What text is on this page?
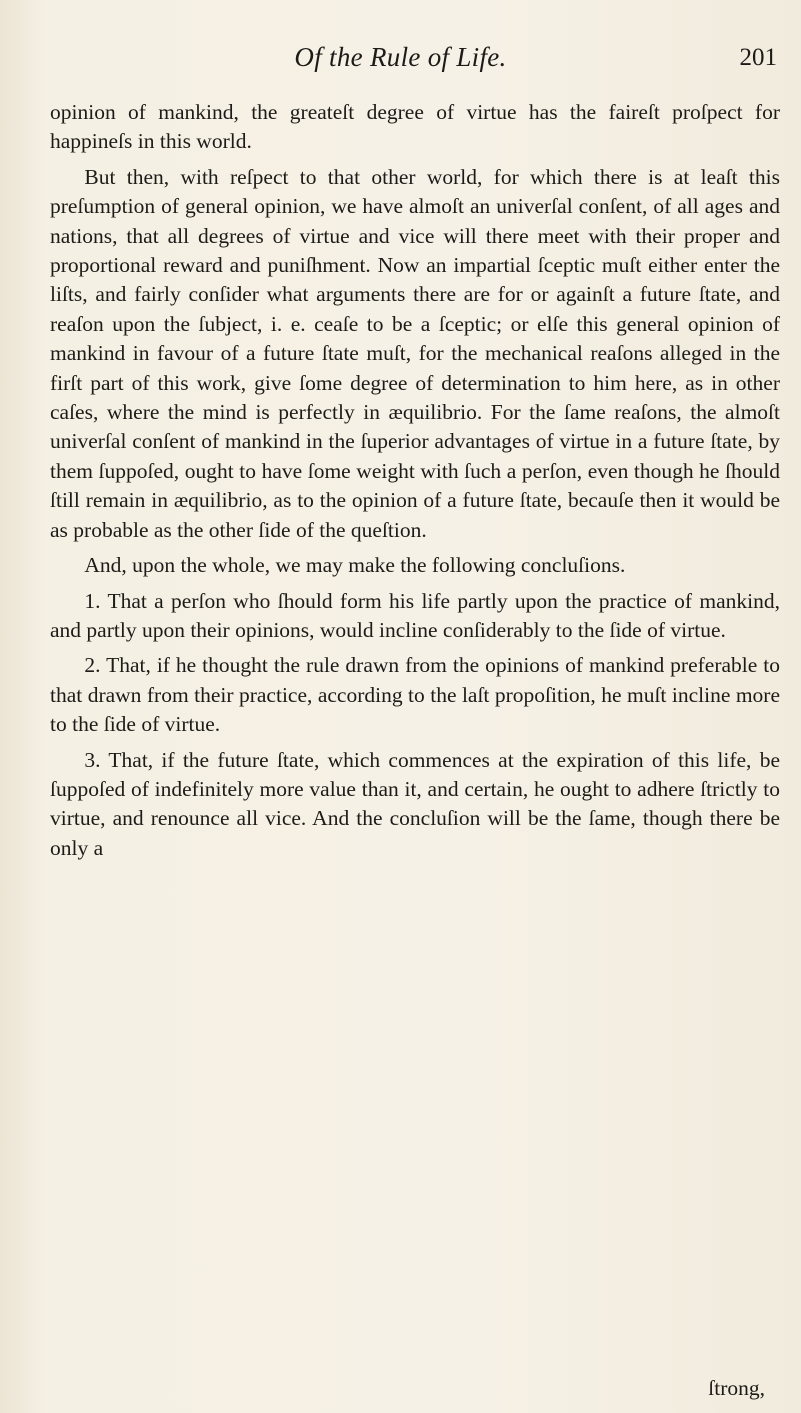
Of the Rule of Life.	201

opinion of mankind, the greateſt degree of virtue has the faireſt proſpect for happineſs in this world.

But then, with reſpect to that other world, for which there is at leaſt this preſumption of general opinion, we have almoſt an univerſal conſent, of all ages and nations, that all degrees of virtue and vice will there meet with their proper and proportional reward and puniſhment. Now an impartial ſceptic muſt either enter the liſts, and fairly conſider what arguments there are for or againſt a future ſtate, and reaſon upon the ſubject, i. e. ceaſe to be a ſceptic; or elſe this general opinion of mankind in favour of a future ſtate muſt, for the mechanical reaſons alleged in the firſt part of this work, give ſome degree of determination to him here, as in other caſes, where the mind is perfectly in æquilibrio. For the ſame reaſons, the almoſt univerſal conſent of mankind in the ſuperior advantages of virtue in a future ſtate, by them ſuppoſed, ought to have ſome weight with ſuch a perſon, even though he ſhould ſtill remain in æquilibrio, as to the opinion of a future ſtate, becauſe then it would be as probable as the other ſide of the queſtion.

And, upon the whole, we may make the following concluſions.

1. That a perſon who ſhould form his life partly upon the practice of mankind, and partly upon their opinions, would incline conſiderably to the ſide of virtue.

2. That, if he thought the rule drawn from the opinions of mankind preferable to that drawn from their practice, according to the laſt propoſition, he muſt incline more to the ſide of virtue.

3. That, if the future ſtate, which commences at the expiration of this life, be ſuppoſed of indefinitely more value than it, and certain, he ought to adhere ſtrictly to virtue, and renounce all vice. And the concluſion will be the ſame, though there be only a

ſtrong,
